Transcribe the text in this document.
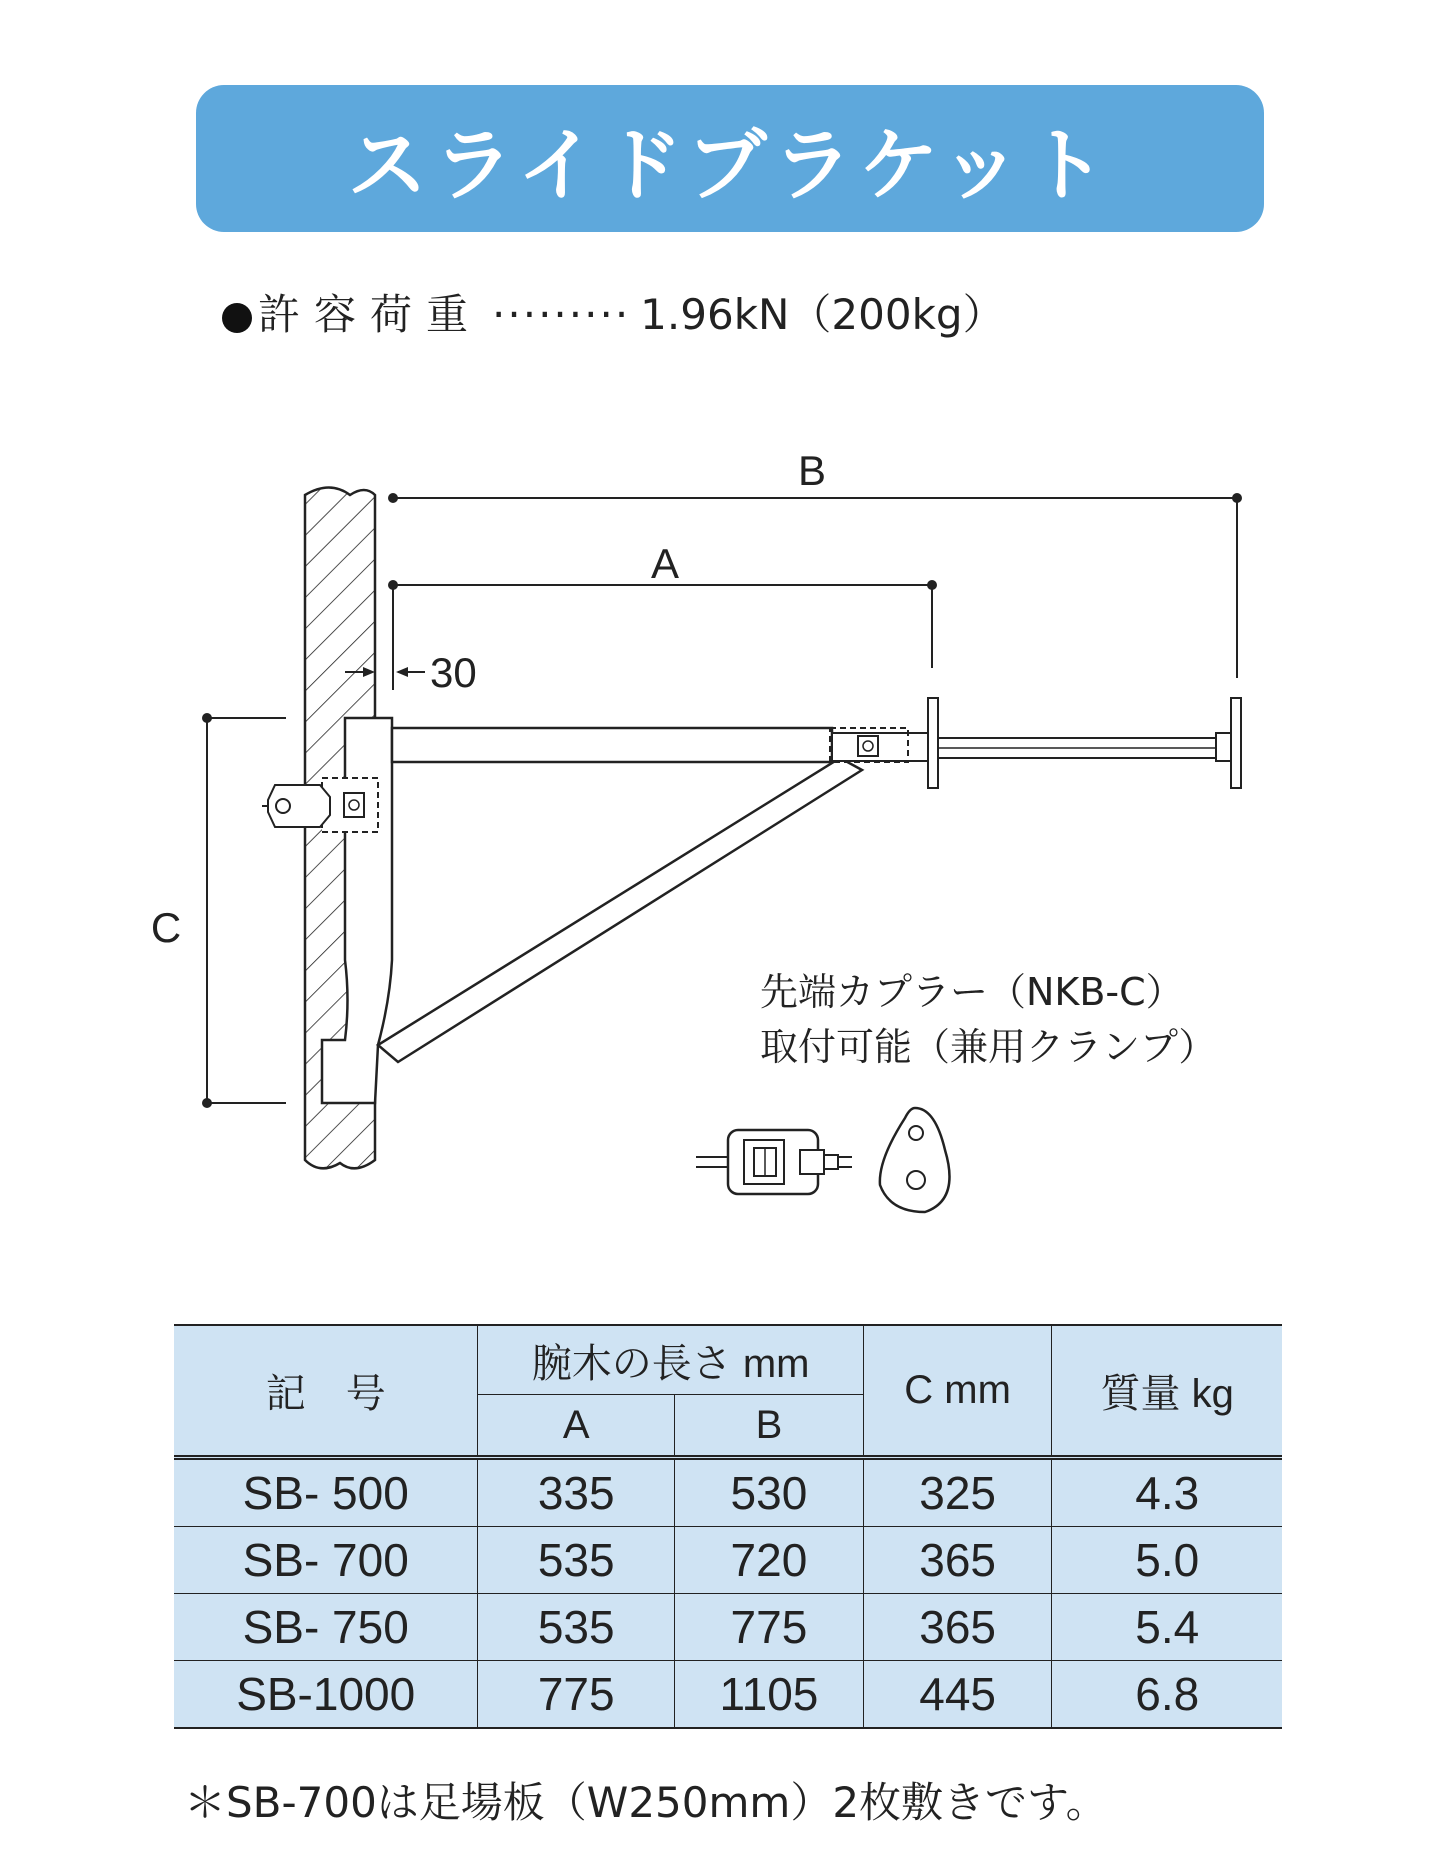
スライドブラケット
許容荷重 ········· 1.96kN（200kg）
B
A
30
C
先端カプラー（NKB-C）
取付可能（兼用クランプ）
記　号	腕木の長さ mm		C mm	質量 kg
	A	B		
SB- 500	335	530	325	4.3
SB- 700	535	720	365	5.0
SB- 750	535	775	365	5.4
SB-1000	775	1105	445	6.8
＊SB-700は足場板（W250mm）2枚敷きです。
